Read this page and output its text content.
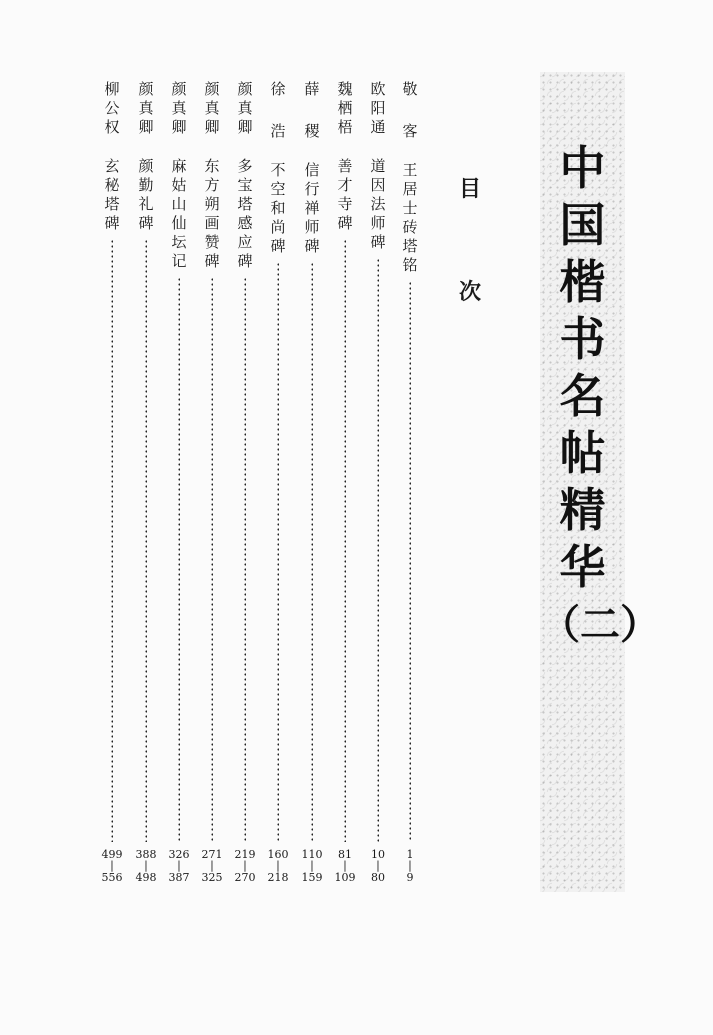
中
国
楷
书
名
帖
精
华
（二）
目
次
敬
客
王
居
士
砖
塔
铭
1
|
9
欧
阳
通
道
因
法
师
碑
10
|
80
魏
栖
梧
善
才
寺
碑
81
|
109
薛
稷
信
行
禅
师
碑
110
|
159
徐
浩
不
空
和
尚
碑
160
|
218
颜
真
卿
多
宝
塔
感
应
碑
219
|
270
颜
真
卿
东
方
朔
画
赞
碑
271
|
325
颜
真
卿
麻
姑
山
仙
坛
记
326
|
387
颜
真
卿
颜
勤
礼
碑
388
|
498
柳
公
权
玄
秘
塔
碑
499
|
556
